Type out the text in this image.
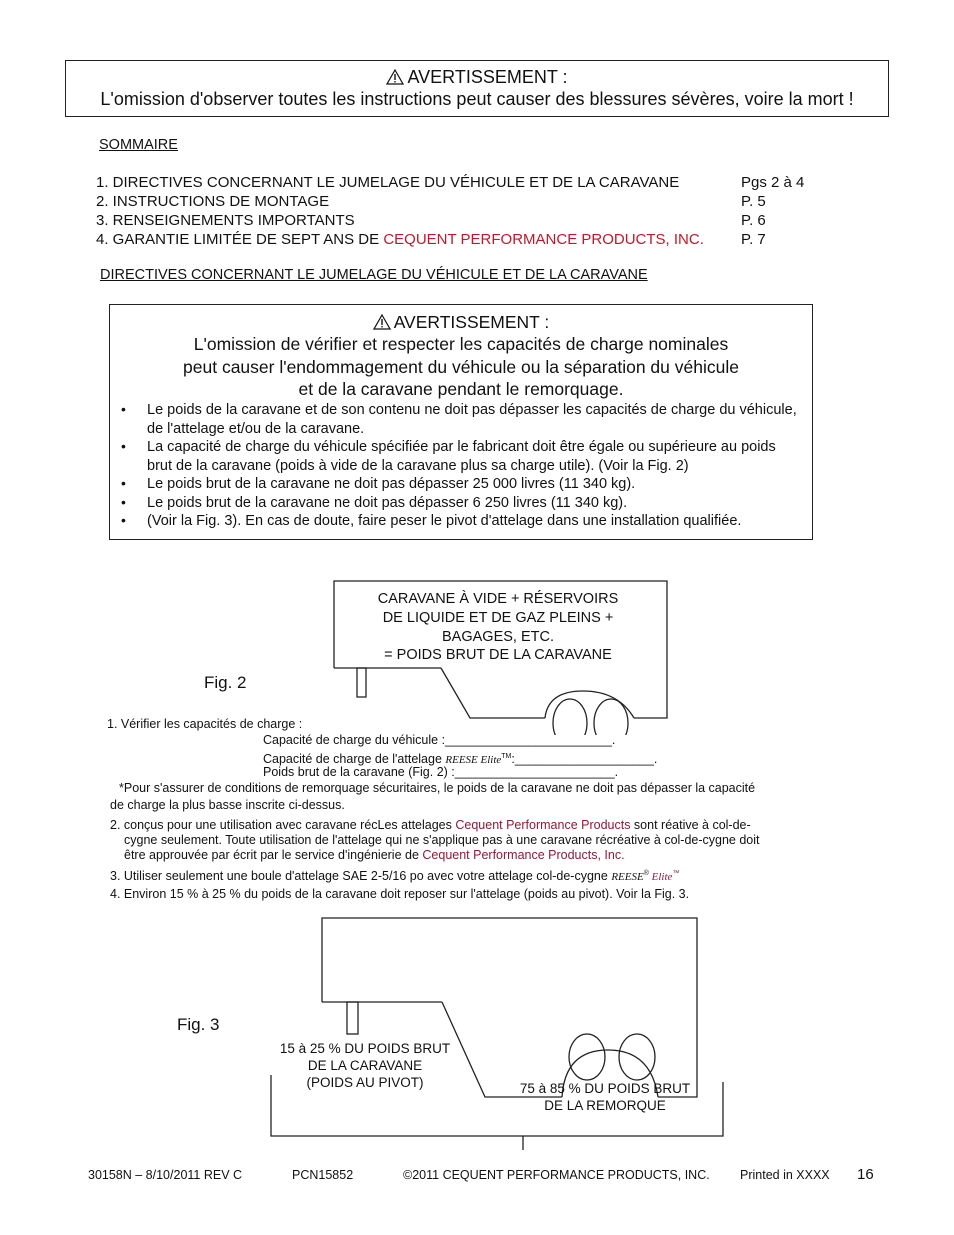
AVERTISSEMENT :
L'omission d'observer toutes les instructions peut causer des blessures sévères, voire la mort !
SOMMAIRE
1. DIRECTIVES CONCERNANT LE JUMELAGE DU VÉHICULE ET DE LA CARAVANE	Pgs 2 à 4
2. INSTRUCTIONS DE MONTAGE	P. 5
3. RENSEIGNEMENTS IMPORTANTS	P. 6
4. GARANTIE LIMITÉE DE SEPT ANS DE CEQUENT PERFORMANCE PRODUCTS, INC. P. 7
DIRECTIVES CONCERNANT LE JUMELAGE DU VÉHICULE ET DE LA CARAVANE
AVERTISSEMENT :
L'omission de vérifier et respecter les capacités de charge nominales
peut causer l'endommagement du véhicule ou la séparation du véhicule
et de la caravane pendant le remorquage.
• Le poids de la caravane et de son contenu ne doit pas dépasser les capacités de charge du véhicule, de l'attelage et/ou de la caravane.
• La capacité de charge du véhicule spécifiée par le fabricant doit être égale ou supérieure au poids brut de la caravane (poids à vide de la caravane plus sa charge utile). (Voir la Fig. 2)
• Le poids brut de la caravane ne doit pas dépasser 25 000 livres (11 340 kg).
• Le poids brut de la caravane ne doit pas dépasser 6 250 livres (11 340 kg).
• (Voir la Fig. 3). En cas de doute, faire peser le pivot d'attelage dans une installation qualifiée.
Fig. 2
CARAVANE À VIDE + RÉSERVOIRS
DE LIQUIDE ET DE GAZ PLEINS +
BAGAGES, ETC.
= POIDS BRUT DE LA CARAVANE
1. Vérifier les capacités de charge :
Capacité de charge du véhicule :________________________.
Capacité de charge de l'attelage REESE Elite™:____________________.
Poids brut de la caravane (Fig. 2) :_______________________.
*Pour s'assurer de conditions de remorquage sécuritaires, le poids de la caravane ne doit pas dépasser la capacité
de charge la plus basse inscrite ci-dessus.
2. conçus pour une utilisation avec caravane récLes attelages Cequent Performance Products sont réative à col-de-
cygne seulement. Toute utilisation de l'attelage qui ne s'applique pas à une caravane récréative à col-de-cygne doit
être approuvée par écrit par le service d'ingénierie de Cequent Performance Products, Inc.
3. Utiliser seulement une boule d'attelage SAE 2-5/16 po avec votre attelage col-de-cygne REESE® Elite™
4. Environ 15 % à 25 % du poids de la caravane doit reposer sur l'attelage (poids au pivot). Voir la Fig. 3.
Fig. 3
15 à 25 % DU POIDS BRUT
DE LA CARAVANE
(POIDS AU PIVOT)	75 à 85 % DU POIDS BRUT
DE LA REMORQUE
30158N – 8/10/2011 REV C	PCN15852	©2011 CEQUENT PERFORMANCE PRODUCTS, INC. Printed in XXXX 16
